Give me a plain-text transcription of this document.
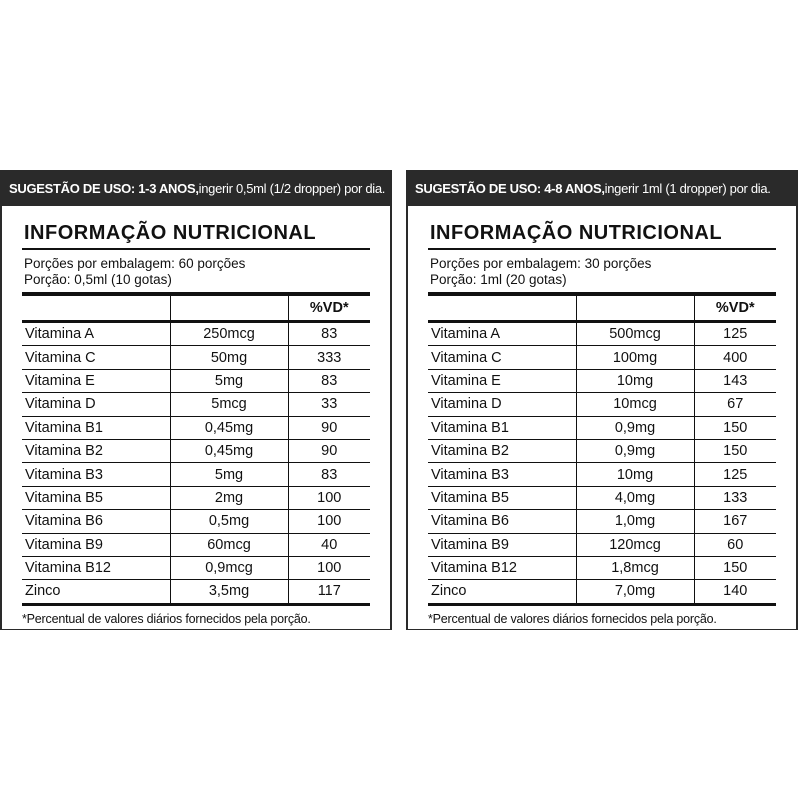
SUGESTÃO DE USO: 1-3 ANOS, ingerir 0,5ml (1/2 dropper) por dia.
INFORMAÇÃO NUTRICIONAL
Porções por embalagem: 60 porções
Porção: 0,5ml (10 gotas)
		%VD*
Vitamina A	250mcg	83
Vitamina C	50mg	333
Vitamina E	5mg	83
Vitamina D	5mcg	33
Vitamina B1	0,45mg	90
Vitamina B2	0,45mg	90
Vitamina B3	5mg	83
Vitamina B5	2mg	100
Vitamina B6	0,5mg	100
Vitamina B9	60mcg	40
Vitamina B12	0,9mcg	100
Zinco	3,5mg	117
*Percentual de valores diários fornecidos pela porção.
SUGESTÃO DE USO: 4-8 ANOS, ingerir 1ml (1 dropper) por dia.
INFORMAÇÃO NUTRICIONAL
Porções por embalagem: 30 porções
Porção: 1ml (20 gotas)
		%VD*
Vitamina A	500mcg	125
Vitamina C	100mg	400
Vitamina E	10mg	143
Vitamina D	10mcg	67
Vitamina B1	0,9mg	150
Vitamina B2	0,9mg	150
Vitamina B3	10mg	125
Vitamina B5	4,0mg	133
Vitamina B6	1,0mg	167
Vitamina B9	120mcg	60
Vitamina B12	1,8mcg	150
Zinco	7,0mg	140
*Percentual de valores diários fornecidos pela porção.
